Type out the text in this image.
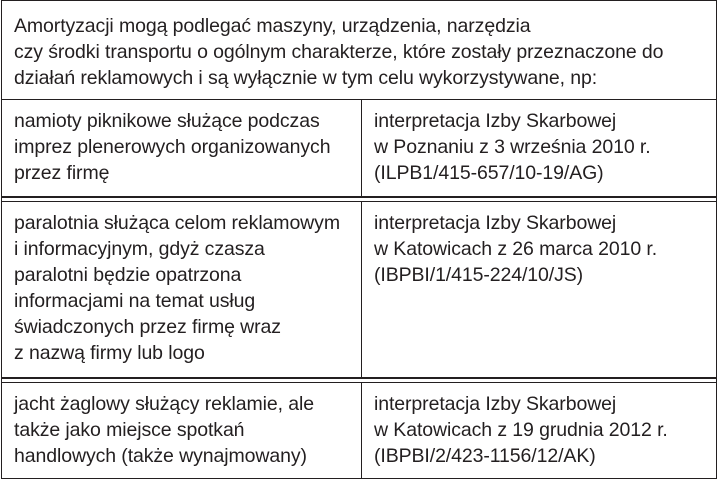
Amortyzacji mogą podlegać maszyny, urządzenia, narzędzia
czy środki transportu o ogólnym charakterze, które zostały przeznaczone do
działań reklamowych i są wyłącznie w tym celu wykorzystywane, np:
namioty piknikowe służące podczas
imprez plenerowych organizowanych
przez firmę
interpretacja Izby Skarbowej
w Poznaniu z 3 września 2010 r.
(ILPB1/415-657/10-19/AG)
paralotnia służąca celom reklamowym
i informacyjnym, gdyż czasza
paralotni będzie opatrzona
informacjami na temat usług
świadczonych przez firmę wraz
z nazwą firmy lub logo
interpretacja Izby Skarbowej
w Katowicach z 26 marca 2010 r.
(IBPBI/1/415-224/10/JS)
jacht żaglowy służący reklamie, ale
także jako miejsce spotkań
handlowych (także wynajmowany)
interpretacja Izby Skarbowej
w Katowicach z 19 grudnia 2012 r.
(IBPBI/2/423-1156/12/AK)
